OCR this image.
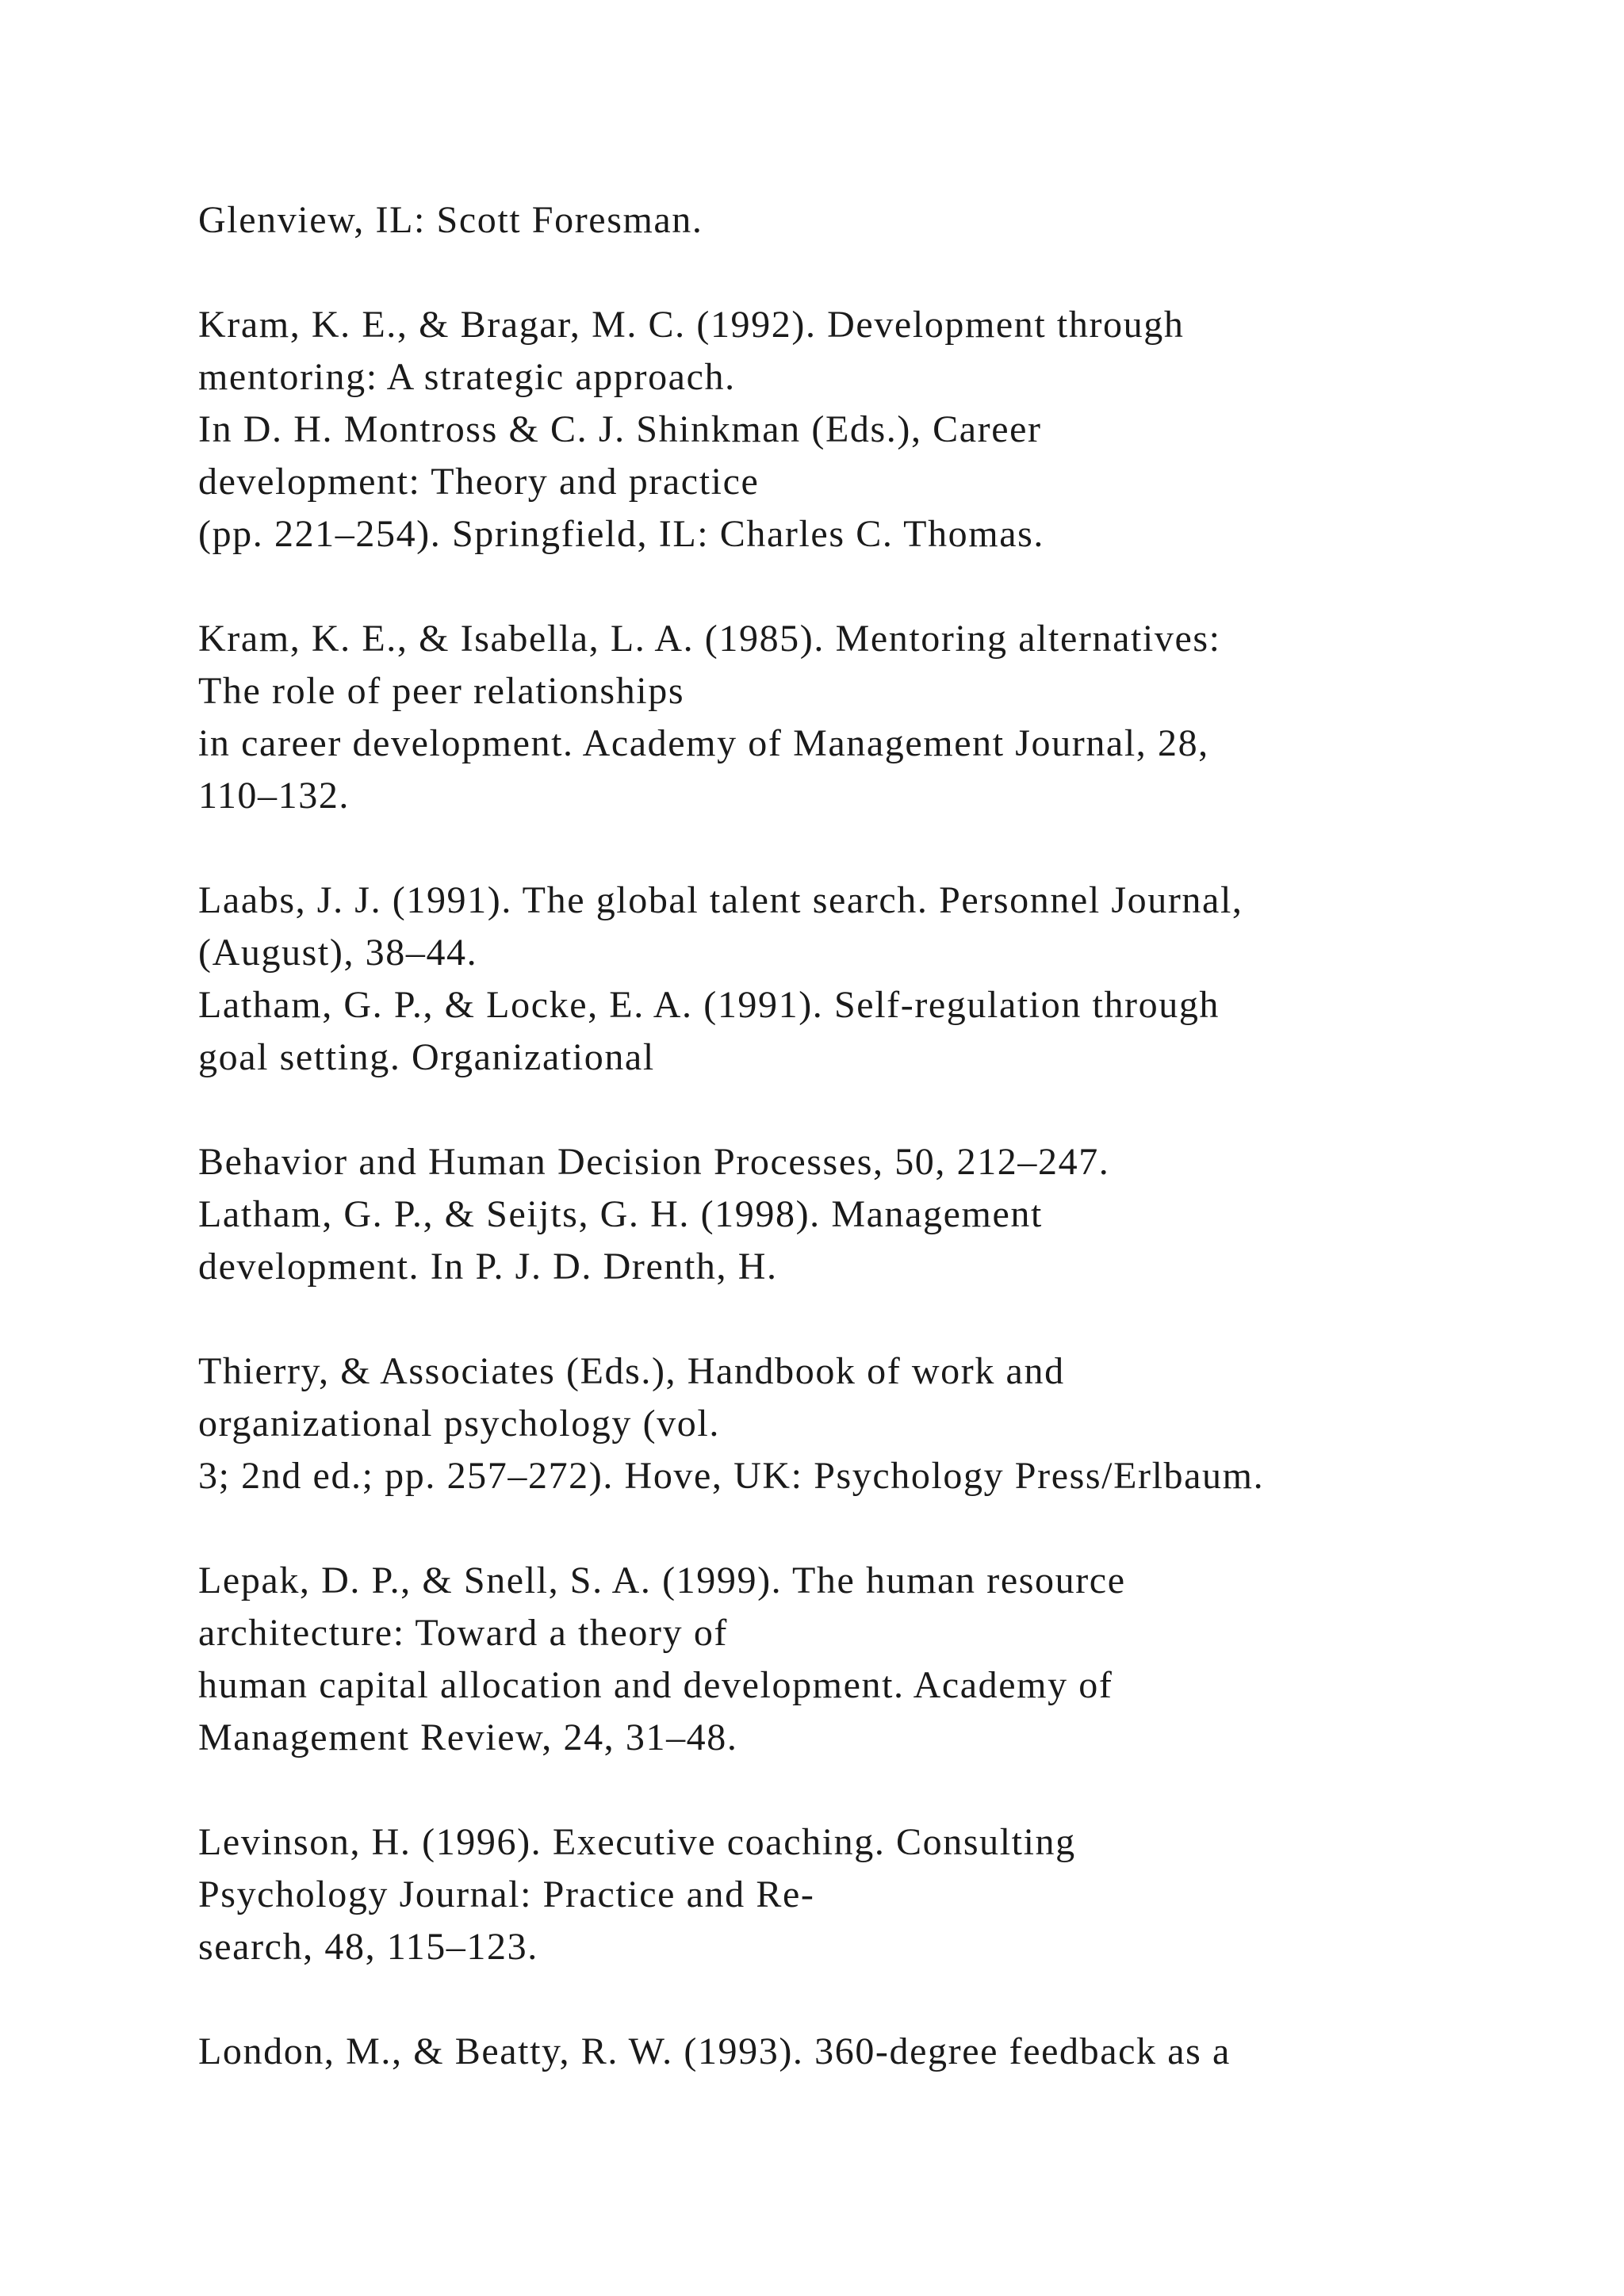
Glenview, IL: Scott Foresman.
Kram, K. E., & Bragar, M. C. (1992). Development through
mentoring: A strategic approach.
In D. H. Montross & C. J. Shinkman (Eds.), Career
development: Theory and practice
(pp. 221–254). Springfield, IL: Charles C. Thomas.
Kram, K. E., & Isabella, L. A. (1985). Mentoring alternatives:
The role of peer relationships
in career development. Academy of Management Journal, 28,
110–132.
Laabs, J. J. (1991). The global talent search. Personnel Journal,
(August), 38–44.
Latham, G. P., & Locke, E. A. (1991). Self-regulation through
goal setting. Organizational
Behavior and Human Decision Processes, 50, 212–247.
Latham, G. P., & Seijts, G. H. (1998). Management
development. In P. J. D. Drenth, H.
Thierry, & Associates (Eds.), Handbook of work and
organizational psychology (vol.
3; 2nd ed.; pp. 257–272). Hove, UK: Psychology Press/Erlbaum.
Lepak, D. P., & Snell, S. A. (1999). The human resource
architecture: Toward a theory of
human capital allocation and development. Academy of
Management Review, 24, 31–48.
Levinson, H. (1996). Executive coaching. Consulting
Psychology Journal: Practice and Re-
search, 48, 115–123.
London, M., & Beatty, R. W. (1993). 360-degree feedback as a
